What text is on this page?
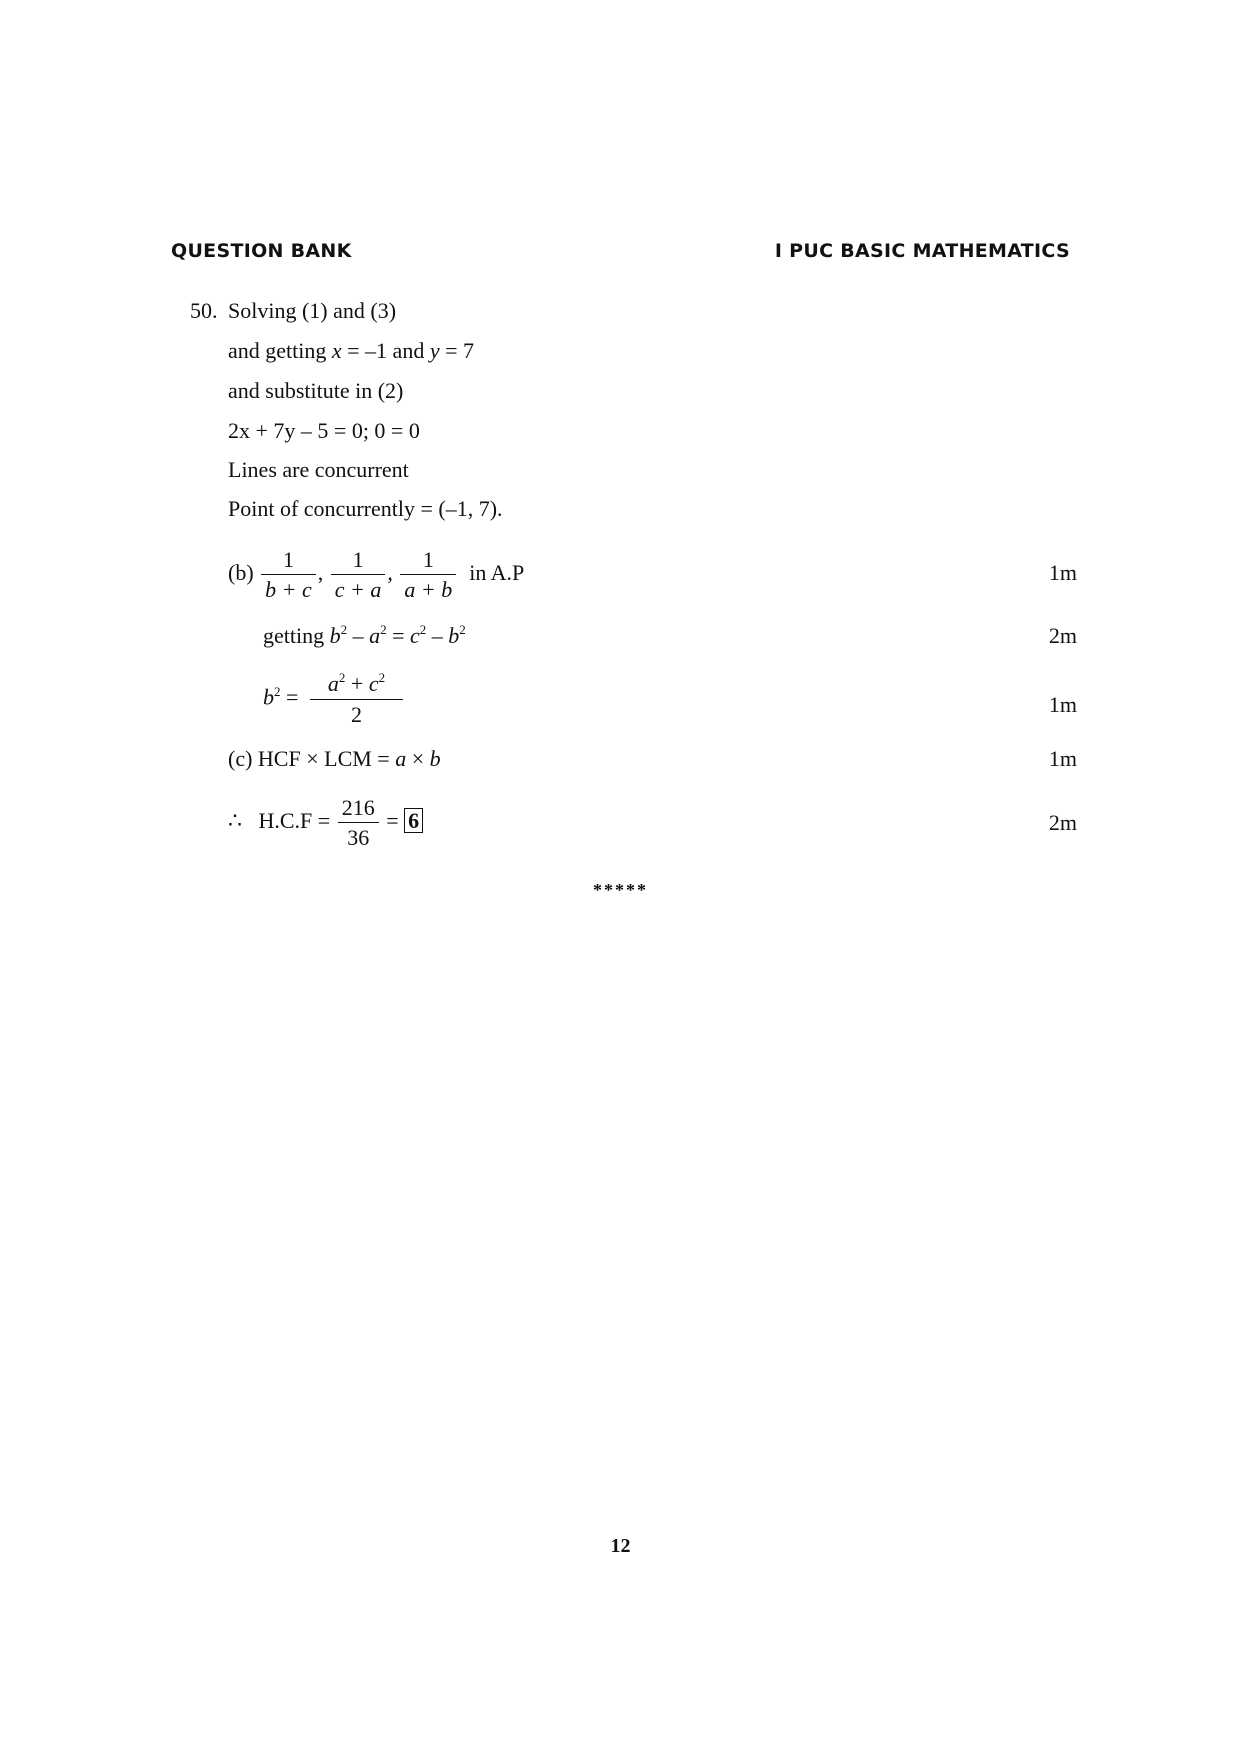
QUESTION BANK	I PUC BASIC MATHEMATICS
50. Solving (1) and (3)
and getting x = –1 and y = 7
and substitute in (2)
2x + 7y – 5 = 0; 0 = 0
Lines are concurrent
Point of concurrently = (–1, 7).
$(b) \frac{1}{b + c}$ , $\frac{1}{c + a}$ , $\frac{1}{a + b}$ in A.P	1m
getting $b^2 - a^2 = c^2 - b^2$	2m
$b^2 = \frac{a^2 + c^2}{2}$	1m
(c) HCF × LCM = a × b	1m
∴ $H.C.F = \frac{216}{36} = 6$	2m
*****
12
